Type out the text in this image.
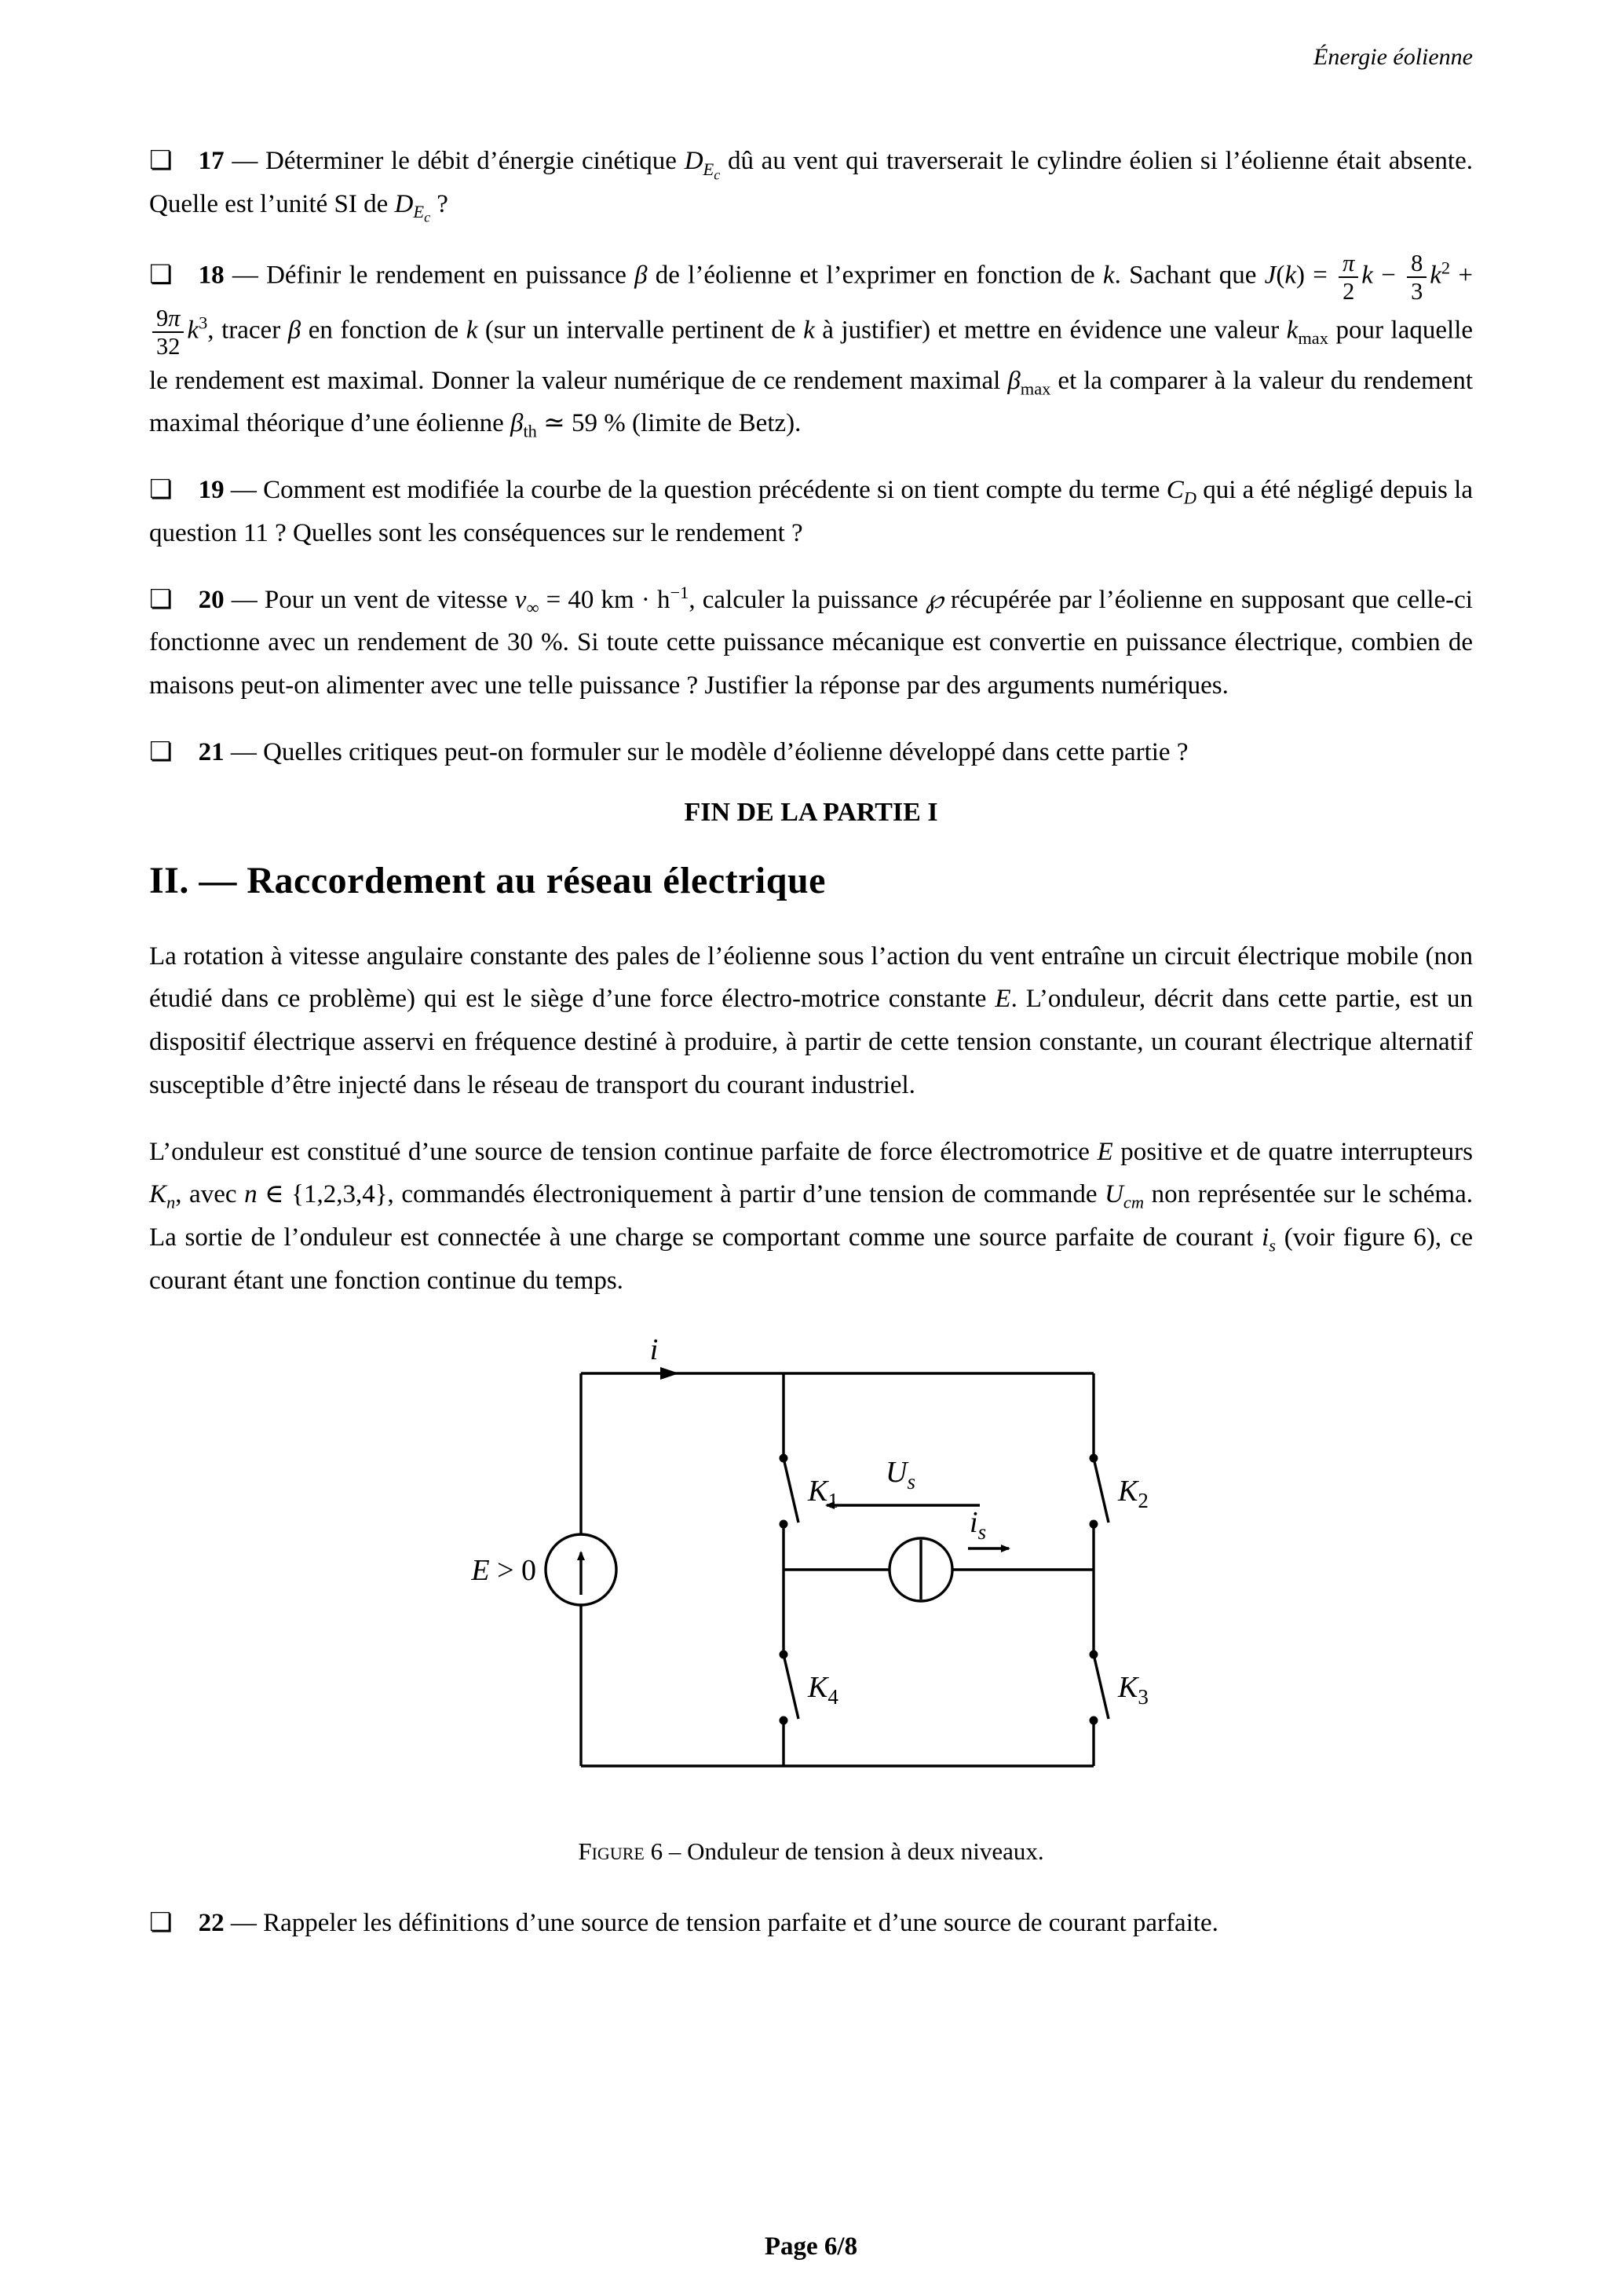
Énergie éolienne

❏ 17 — Déterminer le débit d’énergie cinétique $D_{E_c}$ dû au vent qui traverserait le cylindre éolien si l’éolienne était absente. Quelle est l’unité SI de $D_{E_c}$ ?

❏ 18 — Définir le rendement en puissance β de l’éolienne et l’exprimer en fonction de k. Sachant que $J(k) = \frac{\pi}{2}$ $k - \frac{8}{3} k^2$ +
$\frac{9\pi}{32} k^3$, tracer β en fonction de k (sur un intervalle pertinent de k à justifier) et mettre en évidence une valeur $k_{max}$ pour laquelle le rendement est maximal. Donner la valeur numérique de ce rendement maximal $\beta_{max}$ et la comparer à la valeur du rendement maximal théorique d’une éolienne $\beta_{th}$ ≃ 59 % (limite de Betz).

❏ 19 — Comment est modifiée la courbe de la question précédente si on tient compte du terme $C_D$ qui a été négligé depuis la question 11 ? Quelles sont les conséquences sur le rendement ?

❏ 20 — Pour un vent de vitesse $v_\infty = 40$ km · $h^{-1}$, calculer la puissance ℘ récupérée par l’éolienne en supposant que celle-ci fonctionne avec un rendement de 30 %. Si toute cette puissance mécanique est convertie en puissance électrique, combien de maisons peut-on alimenter avec une telle puissance ? Justifier la réponse par des arguments numériques.

❏ 21 — Quelles critiques peut-on formuler sur le modèle d’éolienne développé dans cette partie ?

FIN DE LA PARTIE I
II. — Raccordement au réseau électrique

La rotation à vitesse angulaire constante des pales de l’éolienne sous l’action du vent entraîne un circuit électrique mobile (non étudié dans ce problème) qui est le siège d’une force électro-motrice constante E. L’onduleur, décrit dans cette partie, est un dispositif électrique asservi en fréquence destiné à produire, à partir de cette tension constante, un courant électrique alternatif susceptible d’être injecté dans le réseau de transport du courant industriel.

L’onduleur est constitué d’une source de tension continue parfaite de force électromotrice E positive et de quatre interrupteurs $K_n$, avec n ∈ {1,2,3,4}, commandés électroniquement à partir d’une tension de commande $U_{cm}$ non représentée sur le schéma. La sortie de l’onduleur est connectée à une charge se comportant comme une source parfaite de courant $i_s$ (voir figure 6), ce courant étant une fonction continue du temps.

i
E > 0
is
Us
K1	K2
K4	K3
Figure 6 – Onduleur de tension à deux niveaux.

❏ 22 — Rappeler les définitions d’une source de tension parfaite et d’une source de courant parfaite.

Page 6/8
